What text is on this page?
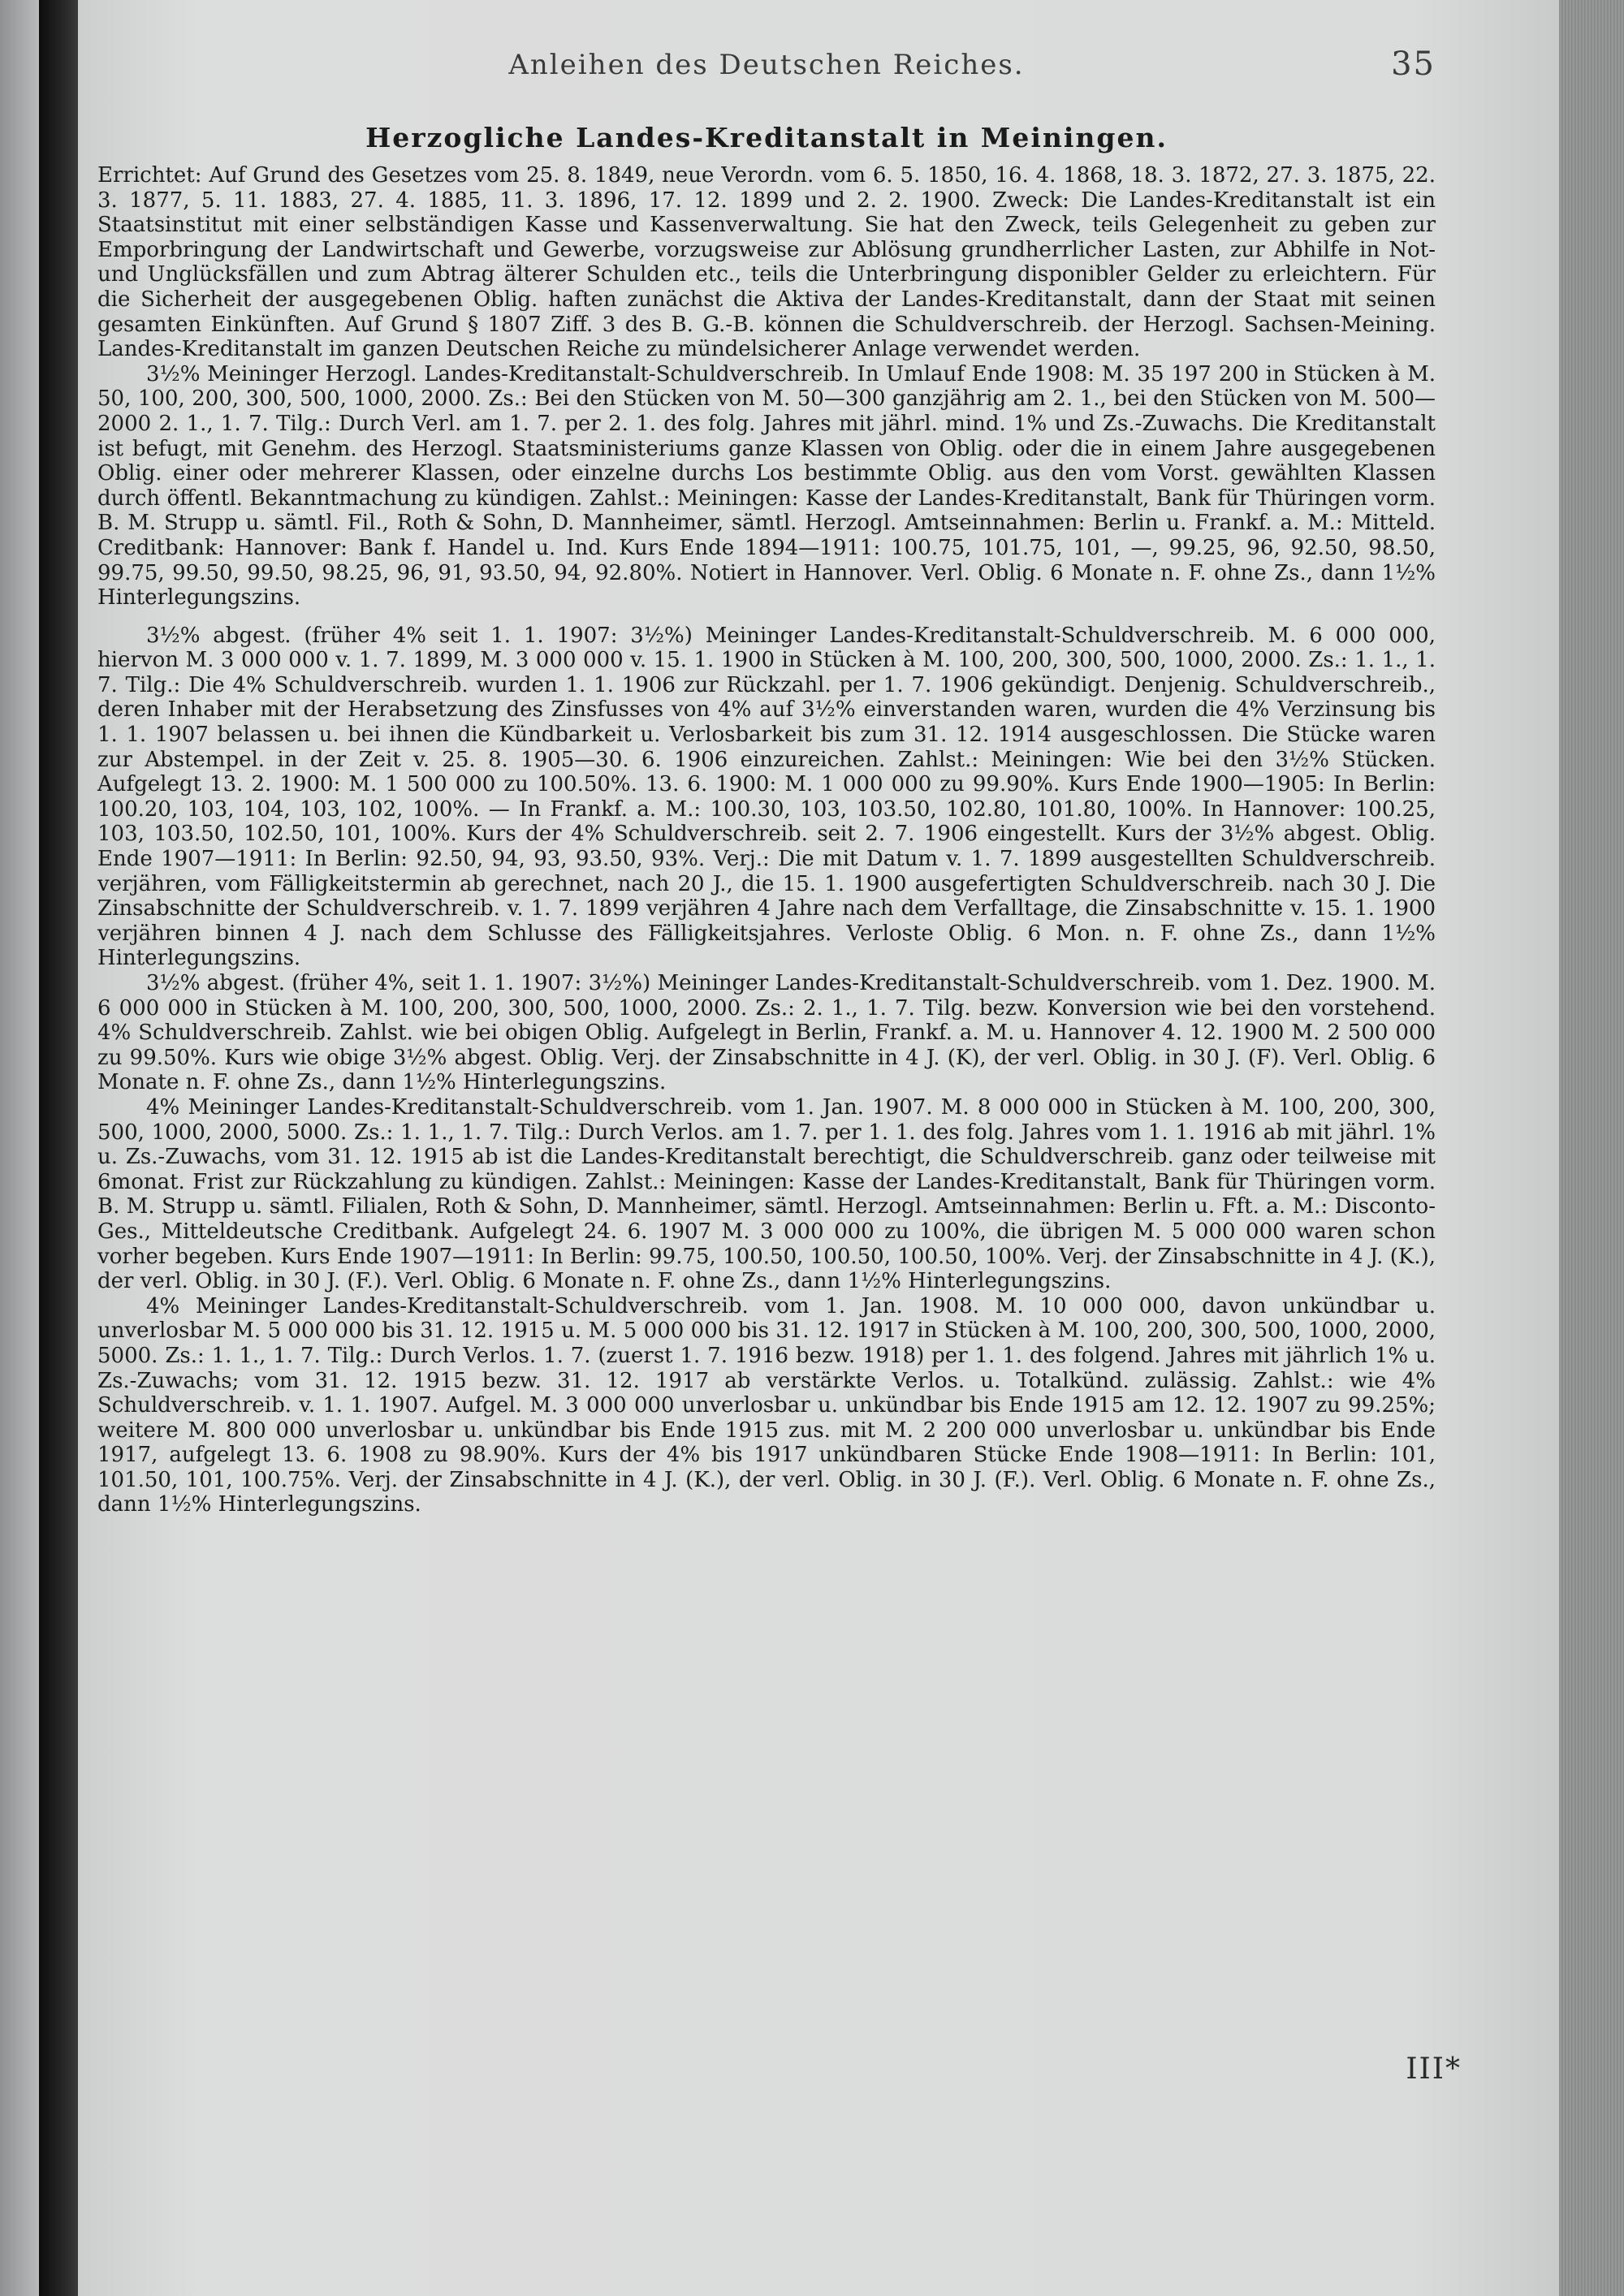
Anleihen des Deutschen Reiches.	35
Herzogliche Landes-Kreditanstalt in Meiningen.

Errichtet: Auf Grund des Gesetzes vom 25. 8. 1849, neue Verordn. vom 6. 5. 1850, 16. 4. 1868, 18. 3. 1872, 27. 3. 1875, 22. 3. 1877, 5. 11. 1883, 27. 4. 1885, 11. 3. 1896, 17. 12. 1899 und 2. 2. 1900. Zweck: Die Landes-Kreditanstalt ist ein Staatsinstitut mit einer selbständigen Kasse und Kassenverwaltung. Sie hat den Zweck, teils Gelegenheit zu geben zur Emporbringung der Landwirtschaft und Gewerbe, vorzugsweise zur Ablösung grundherrlicher Lasten, zur Abhilfe in Not- und Unglücksfällen und zum Abtrag älterer Schulden etc., teils die Unterbringung disponibler Gelder zu erleichtern. Für die Sicherheit der ausgegebenen Oblig. haften zunächst die Aktiva der Landes-Kreditanstalt, dann der Staat mit seinen gesamten Einkünften. Auf Grund § 1807 Ziff. 3 des B. G.-B. können die Schuldverschreib. der Herzogl. Sachsen-Meining. Landes-Kreditanstalt im ganzen Deutschen Reiche zu mündelsicherer Anlage verwendet werden.

3½% Meininger Herzogl. Landes-Kreditanstalt-Schuldverschreib. In Umlauf Ende 1908: M. 35 197 200 in Stücken à M. 50, 100, 200, 300, 500, 1000, 2000. Zs.: Bei den Stücken von M. 50—300 ganzjährig am 2. 1., bei den Stücken von M. 500—2000 2. 1., 1. 7. Tilg.: Durch Verl. am 1. 7. per 2. 1. des folg. Jahres mit jährl. mind. 1% und Zs.-Zuwachs. Die Kreditanstalt ist befugt, mit Genehm. des Herzogl. Staatsministeriums ganze Klassen von Oblig. oder die in einem Jahre ausgegebenen Oblig. einer oder mehrerer Klassen, oder einzelne durchs Los bestimmte Oblig. aus den vom Vorst. gewählten Klassen durch öffentl. Bekanntmachung zu kündigen. Zahlst.: Meiningen: Kasse der Landes-Kreditanstalt, Bank für Thüringen vorm. B. M. Strupp u. sämtl. Fil., Roth & Sohn, D. Mannheimer, sämtl. Herzogl. Amtseinnahmen: Berlin u. Frankf. a. M.: Mitteld. Creditbank: Hannover: Bank f. Handel u. Ind. Kurs Ende 1894—1911: 100.75, 101.75, 101, —, 99.25, 96, 92.50, 98.50, 99.75, 99.50, 99.50, 98.25, 96, 91, 93.50, 94, 92.80%. Notiert in Hannover. Verl. Oblig. 6 Monate n. F. ohne Zs., dann 1½% Hinterlegungszins.

3½% abgest. (früher 4% seit 1. 1. 1907: 3½%) Meininger Landes-Kreditanstalt-Schuldverschreib. M. 6 000 000, hiervon M. 3 000 000 v. 1. 7. 1899, M. 3 000 000 v. 15. 1. 1900 in Stücken à M. 100, 200, 300, 500, 1000, 2000. Zs.: 1. 1., 1. 7. Tilg.: Die 4% Schuldverschreib. wurden 1. 1. 1906 zur Rückzahl. per 1. 7. 1906 gekündigt. Denjenig. Schuldverschreib., deren Inhaber mit der Herabsetzung des Zinsfusses von 4% auf 3½% einverstanden waren, wurden die 4% Verzinsung bis 1. 1. 1907 belassen u. bei ihnen die Kündbarkeit u. Verlosbarkeit bis zum 31. 12. 1914 ausgeschlossen. Die Stücke waren zur Abstempel. in der Zeit v. 25. 8. 1905—30. 6. 1906 einzureichen. Zahlst.: Meiningen: Wie bei den 3½% Stücken. Aufgelegt 13. 2. 1900: M. 1 500 000 zu 100.50%. 13. 6. 1900: M. 1 000 000 zu 99.90%. Kurs Ende 1900—1905: In Berlin: 100.20, 103, 104, 103, 102, 100%. — In Frankf. a. M.: 100.30, 103, 103.50, 102.80, 101.80, 100%. In Hannover: 100.25, 103, 103.50, 102.50, 101, 100%. Kurs der 4% Schuldverschreib. seit 2. 7. 1906 eingestellt. Kurs der 3½% abgest. Oblig. Ende 1907—1911: In Berlin: 92.50, 94, 93, 93.50, 93%. Verj.: Die mit Datum v. 1. 7. 1899 ausgestellten Schuldverschreib. verjähren, vom Fälligkeitstermin ab gerechnet, nach 20 J., die 15. 1. 1900 ausgefertigten Schuldverschreib. nach 30 J. Die Zinsabschnitte der Schuldverschreib. v. 1. 7. 1899 verjähren 4 Jahre nach dem Verfalltage, die Zinsabschnitte v. 15. 1. 1900 verjähren binnen 4 J. nach dem Schlusse des Fälligkeitsjahres. Verloste Oblig. 6 Mon. n. F. ohne Zs., dann 1½% Hinterlegungszins.

3½% abgest. (früher 4%, seit 1. 1. 1907: 3½%) Meininger Landes-Kreditanstalt-Schuldverschreib. vom 1. Dez. 1900. M. 6 000 000 in Stücken à M. 100, 200, 300, 500, 1000, 2000. Zs.: 2. 1., 1. 7. Tilg. bezw. Konversion wie bei den vorstehend. 4% Schuldverschreib. Zahlst. wie bei obigen Oblig. Aufgelegt in Berlin, Frankf. a. M. u. Hannover 4. 12. 1900 M. 2 500 000 zu 99.50%. Kurs wie obige 3½% abgest. Oblig. Verj. der Zinsabschnitte in 4 J. (K), der verl. Oblig. in 30 J. (F). Verl. Oblig. 6 Monate n. F. ohne Zs., dann 1½% Hinterlegungszins.

4% Meininger Landes-Kreditanstalt-Schuldverschreib. vom 1. Jan. 1907. M. 8 000 000 in Stücken à M. 100, 200, 300, 500, 1000, 2000, 5000. Zs.: 1. 1., 1. 7. Tilg.: Durch Verlos. am 1. 7. per 1. 1. des folg. Jahres vom 1. 1. 1916 ab mit jährl. 1% u. Zs.-Zuwachs, vom 31. 12. 1915 ab ist die Landes-Kreditanstalt berechtigt, die Schuldverschreib. ganz oder teilweise mit 6monat. Frist zur Rückzahlung zu kündigen. Zahlst.: Meiningen: Kasse der Landes-Kreditanstalt, Bank für Thüringen vorm. B. M. Strupp u. sämtl. Filialen, Roth & Sohn, D. Mannheimer, sämtl. Herzogl. Amtseinnahmen: Berlin u. Fft. a. M.: Disconto-Ges., Mitteldeutsche Creditbank. Aufgelegt 24. 6. 1907 M. 3 000 000 zu 100%, die übrigen M. 5 000 000 waren schon vorher begeben. Kurs Ende 1907—1911: In Berlin: 99.75, 100.50, 100.50, 100.50, 100%. Verj. der Zinsabschnitte in 4 J. (K.), der verl. Oblig. in 30 J. (F.). Verl. Oblig. 6 Monate n. F. ohne Zs., dann 1½% Hinterlegungszins.

4% Meininger Landes-Kreditanstalt-Schuldverschreib. vom 1. Jan. 1908. M. 10 000 000, davon unkündbar u. unverlosbar M. 5 000 000 bis 31. 12. 1915 u. M. 5 000 000 bis 31. 12. 1917 in Stücken à M. 100, 200, 300, 500, 1000, 2000, 5000. Zs.: 1. 1., 1. 7. Tilg.: Durch Verlos. 1. 7. (zuerst 1. 7. 1916 bezw. 1918) per 1. 1. des folgend. Jahres mit jährlich 1% u. Zs.-Zuwachs; vom 31. 12. 1915 bezw. 31. 12. 1917 ab verstärkte Verlos. u. Totalkünd. zulässig. Zahlst.: wie 4% Schuldverschreib. v. 1. 1. 1907. Aufgel. M. 3 000 000 unverlosbar u. unkündbar bis Ende 1915 am 12. 12. 1907 zu 99.25%; weitere M. 800 000 unverlosbar u. unkündbar bis Ende 1915 zus. mit M. 2 200 000 unverlosbar u. unkündbar bis Ende 1917, aufgelegt 13. 6. 1908 zu 98.90%. Kurs der 4% bis 1917 unkündbaren Stücke Ende 1908—1911: In Berlin: 101, 101.50, 101, 100.75%. Verj. der Zinsabschnitte in 4 J. (K.), der verl. Oblig. in 30 J. (F.). Verl. Oblig. 6 Monate n. F. ohne Zs., dann 1½% Hinterlegungszins.

III*
